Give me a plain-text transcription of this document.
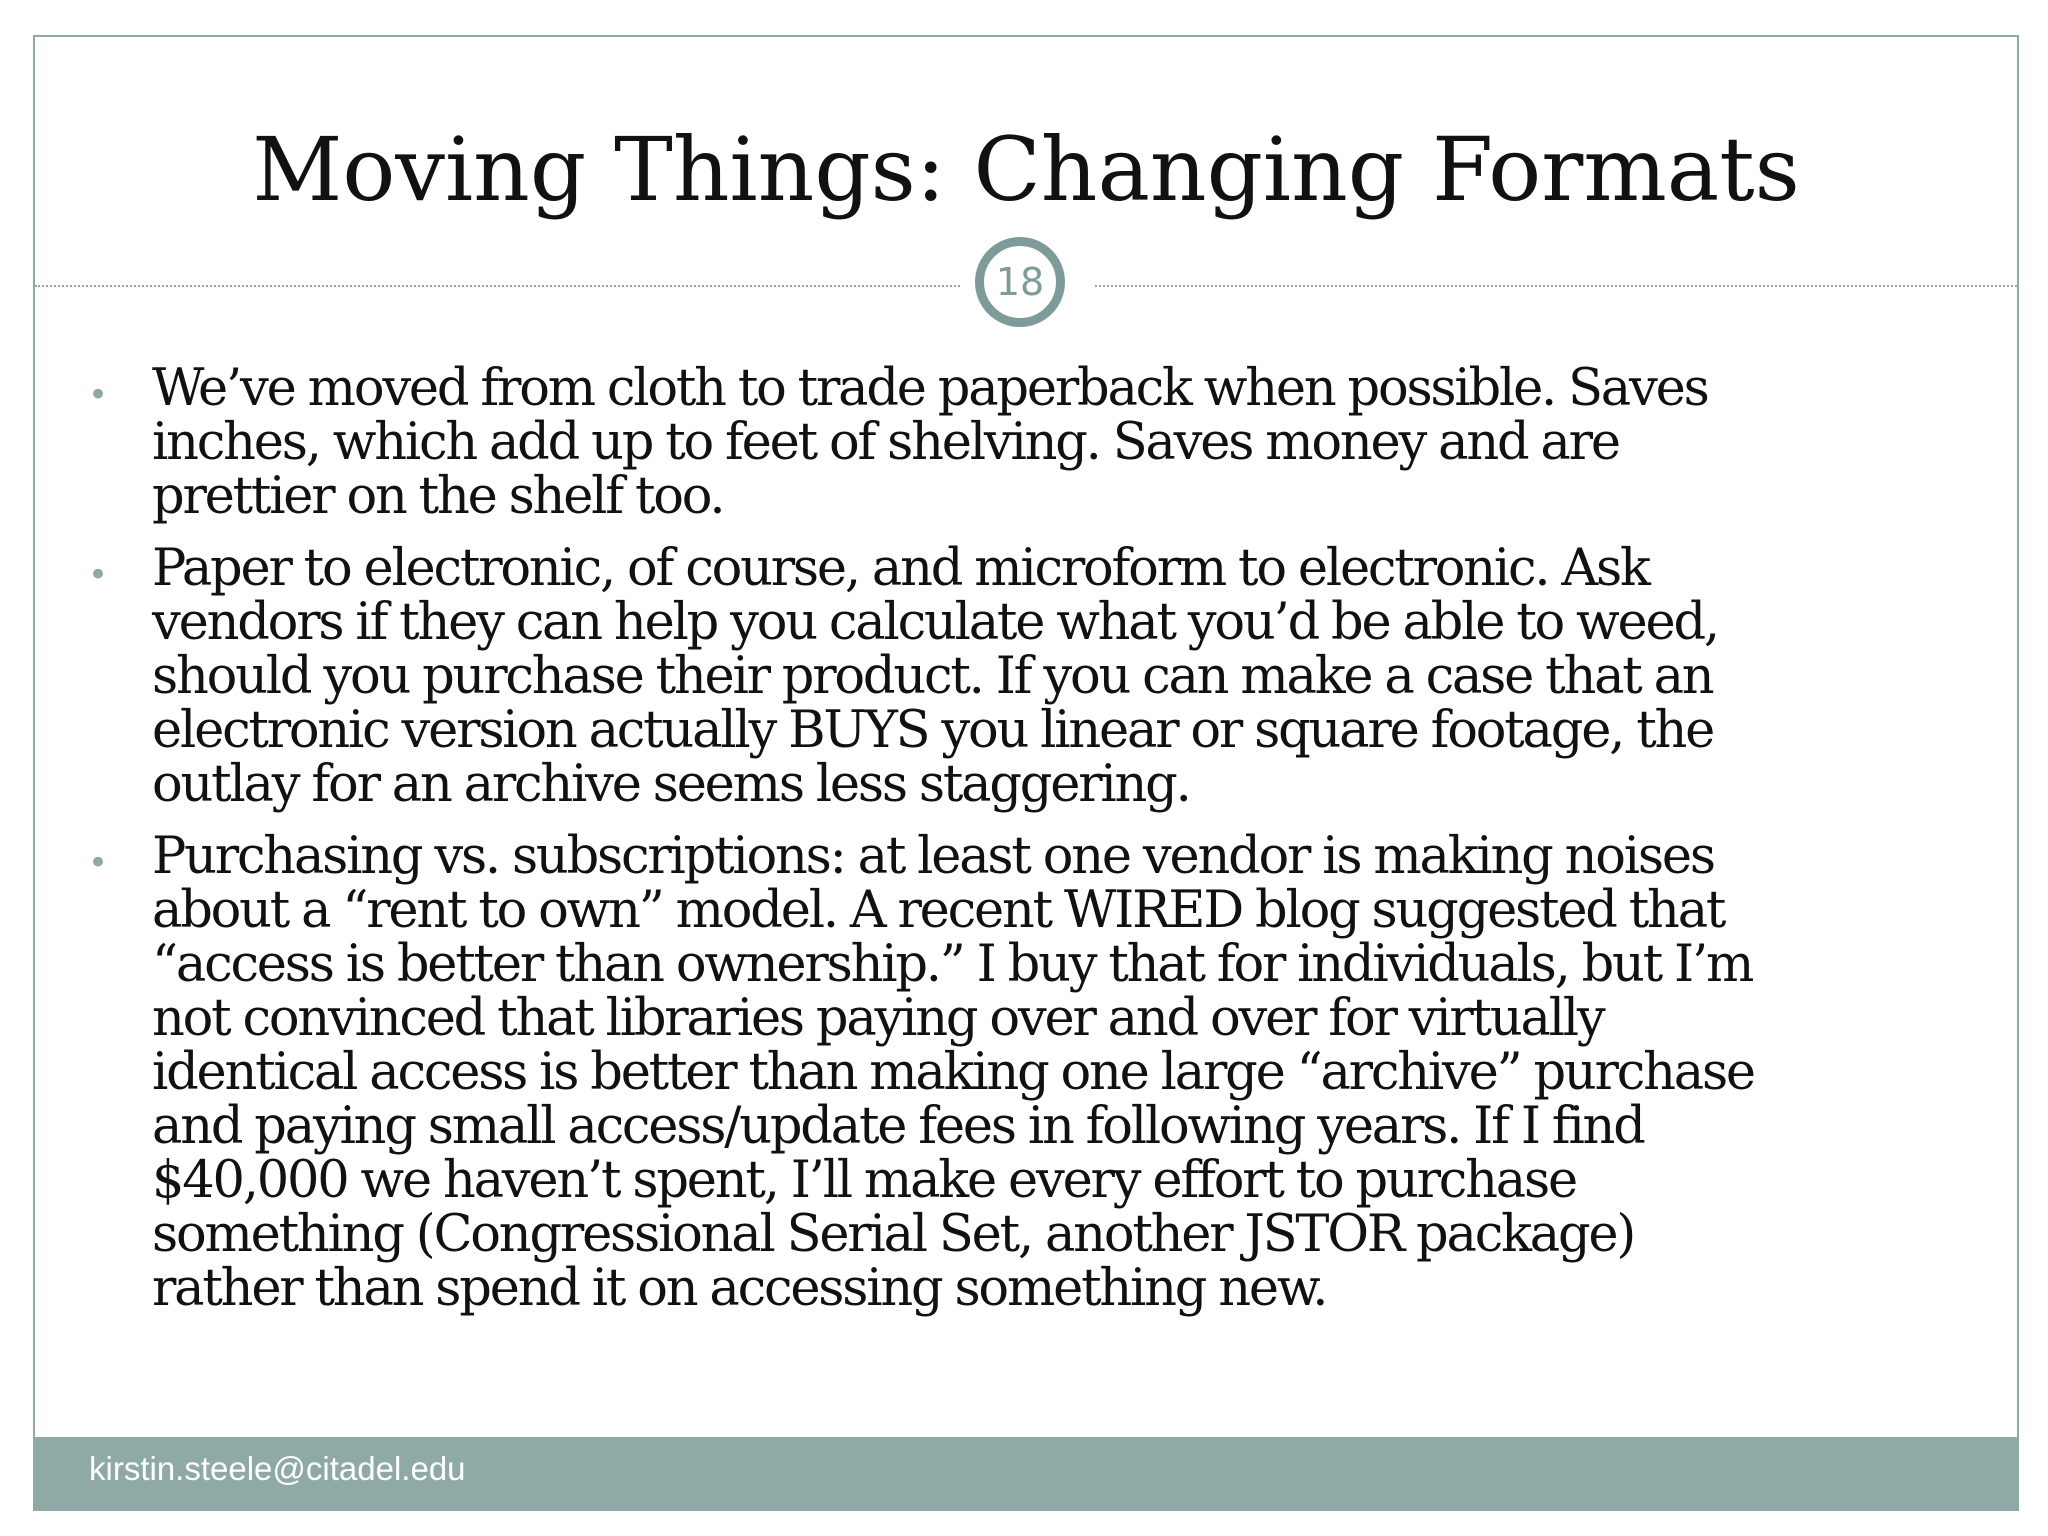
Moving Things: Changing Formats
18
• We’ve moved from cloth to trade paperback when possible. Saves
inches, which add up to feet of shelving. Saves money and are
prettier on the shelf too.
• Paper to electronic, of course, and microform to electronic. Ask
vendors if they can help you calculate what you’d be able to weed,
should you purchase their product. If you can make a case that an
electronic version actually BUYS you linear or square footage, the
outlay for an archive seems less staggering.
• Purchasing vs. subscriptions: at least one vendor is making noises
about a “rent to own” model. A recent WIRED blog suggested that
“access is better than ownership.” I buy that for individuals, but I’m
not convinced that libraries paying over and over for virtually
identical access is better than making one large “archive” purchase
and paying small access/update fees in following years. If I find
$40,000 we haven’t spent, I’ll make every effort to purchase
something (Congressional Serial Set, another JSTOR package)
rather than spend it on accessing something new.
kirstin.steele@citadel.edu
